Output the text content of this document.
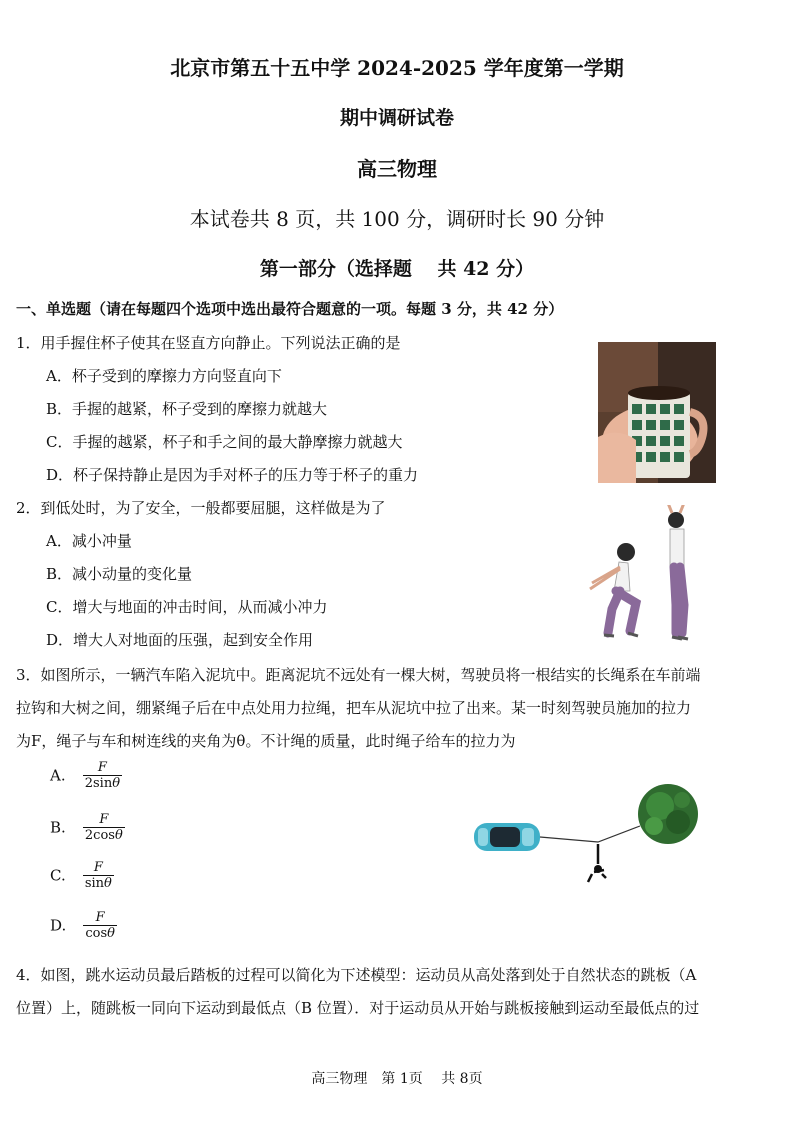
北京市第五十五中学 2024-2025 学年度第一学期
期中调研试卷
高三物理
本试卷共 8 页，共 100 分，调研时长 90 分钟
第一部分（选择题　 共 42 分）
一、单选题（请在每题四个选项中选出最符合题意的一项。每题 3 分，共 42 分）
1．用手握住杯子使其在竖直方向静止。下列说法正确的是
A．杯子受到的摩擦力方向竖直向下
B．手握的越紧，杯子受到的摩擦力就越大
C．手握的越紧，杯子和手之间的最大静摩擦力就越大
D．杯子保持静止是因为手对杯子的压力等于杯子的重力
2．到低处时，为了安全，一般都要屈腿，这样做是为了
A．减小冲量
B．减小动量的变化量
C．增大与地面的冲击时间，从而减小冲力
D．增大人对地面的压强，起到安全作用
3．如图所示，一辆汽车陷入泥坑中。距离泥坑不远处有一棵大树，驾驶员将一根结实的长绳系在车前端
拉钩和大树之间，绷紧绳子后在中点处用力拉绳，把车从泥坑中拉了出来。某一时刻驾驶员施加的拉力
为F，绳子与车和树连线的夹角为θ。不计绳的质量，此时绳子给车的拉力为
A. $\frac{F}{2\sin\theta}$
B. $\frac{F}{2\cos\theta}$
C. $\frac{F}{\sin\theta}$
D. $\frac{F}{\cos\theta}$
4．如图，跳水运动员最后踏板的过程可以简化为下述模型：运动员从高处落到处于自然状态的跳板（A
位置）上，随跳板一同向下运动到最低点（B 位置）．对于运动员从开始与跳板接触到运动至最低点的过
高三物理　第 1页　 共 8页
